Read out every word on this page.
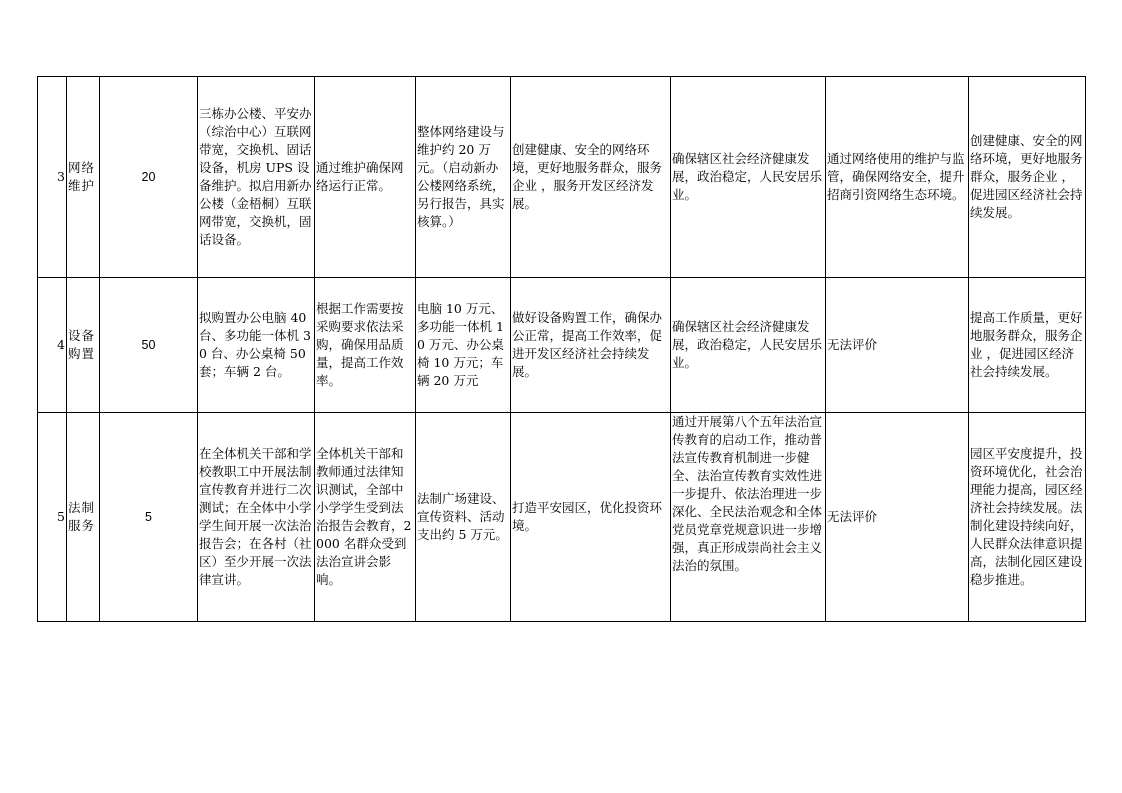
3	网络维护	20	三栋办公楼、平安办（综治中心）互联网带宽，交换机、固话设备，机房 UPS 设备维护。拟启用新办公楼（金梧桐）互联网带宽，交换机，固话设备。	通过维护确保网络运行正常。	整体网络建设与维护约 20 万元。（启动新办公楼网络系统，另行报告，具实核算。）	创建健康、安全的网络环境，更好地服务群众，服务企业 ，服务开发区经济发展。	确保辖区社会经济健康发展，政治稳定，人民安居乐业。	通过网络使用的维护与监管，确保网络安全，提升招商引资网络生态环境。	创建健康、安全的网络环境，更好地服务群众，服务企业 ，促进园区经济社会持续发展。
4	设备购置	50	拟购置办公电脑 40 台、多功能一体机 30 台、办公桌椅 50 套；车辆 2 台。	根据工作需要按采购要求依法采购，确保用品质量，提高工作效率。	电脑 10 万元、多功能一体机 10 万元、办公桌椅 10 万元；车辆 20 万元	做好设备购置工作，确保办公正常，提高工作效率，促进开发区经济社会持续发展。	确保辖区社会经济健康发展，政治稳定，人民安居乐业。	无法评价	提高工作质量，更好地服务群众，服务企业 ，促进园区经济社会持续发展。
5	法制服务	5	在全体机关干部和学校教职工中开展法制宣传教育并进行二次测试；在全体中小学学生间开展一次法治报告会；在各村（社区）至少开展一次法律宣讲。	全体机关干部和教师通过法律知识测试，全部中小学学生受到法治报告会教育，2000 名群众受到法治宣讲会影响。	法制广场建设、宣传资料、活动支出约 5 万元。	打造平安园区，优化投资环境。	通过开展第八个五年法治宣传教育的启动工作，推动普法宣传教育机制进一步健全、法治宣传教育实效性进一步提升、依法治理进一步深化、全民法治观念和全体党员党章党规意识进一步增强，真正形成崇尚社会主义法治的氛围。	无法评价	园区平安度提升，投资环境优化，社会治理能力提高，园区经济社会持续发展。法制化建设持续向好，人民群众法律意识提高，法制化园区建设稳步推进。
